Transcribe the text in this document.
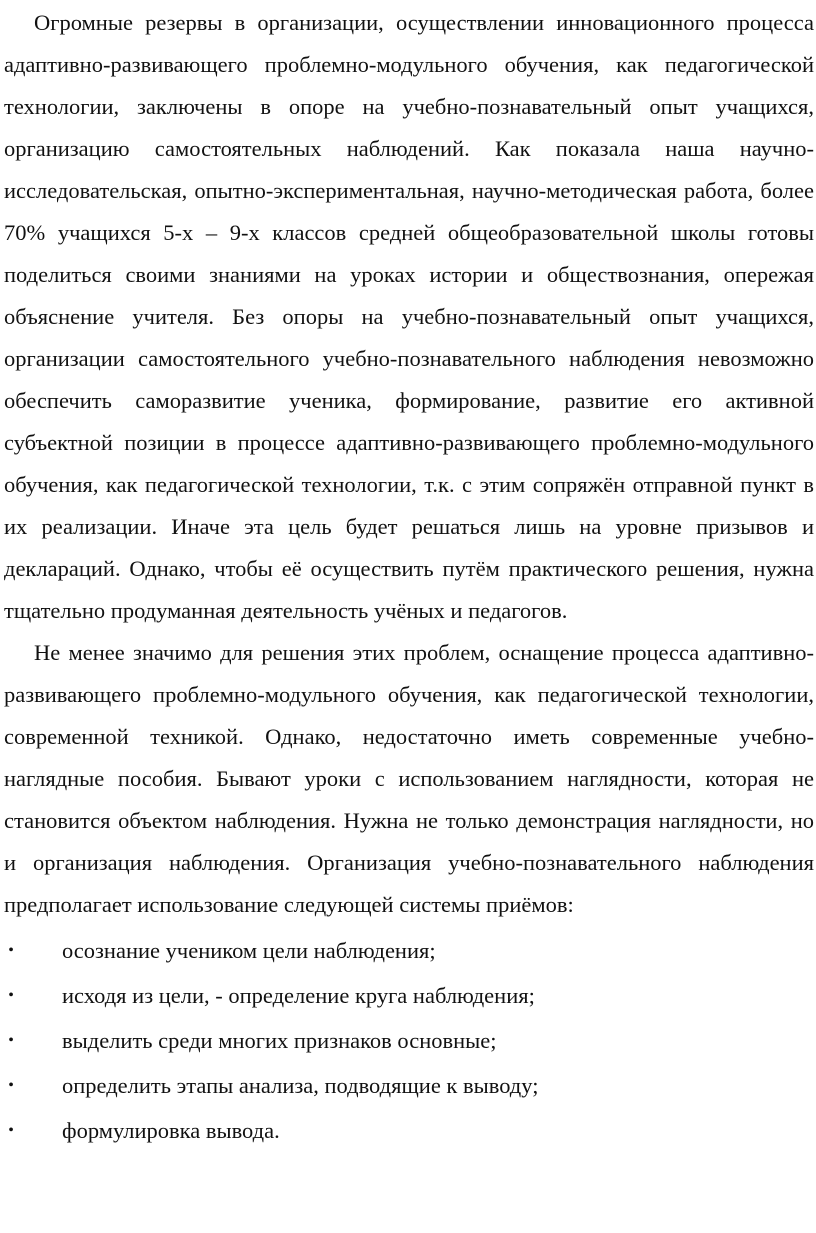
Огромные резервы в организации, осуществлении инновационного процесса адаптивно-развивающего проблемно-модульного обучения, как педагогической технологии, заключены в опоре на учебно-познавательный опыт учащихся, организацию самостоятельных наблюдений. Как показала наша научно-исследовательская, опытно-экспериментальная, научно-методическая работа, более 70% учащихся 5-х – 9-х классов средней общеобразовательной школы готовы поделиться своими знаниями на уроках истории и обществознания, опережая объяснение учителя. Без опоры на учебно-познавательный опыт учащихся, организации самостоятельного учебно-познавательного наблюдения невозможно обеспечить саморазвитие ученика, формирование, развитие его активной субъектной позиции в процессе адаптивно-развивающего проблемно-модульного обучения, как педагогической технологии, т.к. с этим сопряжён отправной пункт в их реализации. Иначе эта цель будет решаться лишь на уровне призывов и деклараций. Однако, чтобы её осуществить путём практического решения, нужна тщательно продуманная деятельность учёных и педагогов.

Не менее значимо для решения этих проблем, оснащение процесса адаптивно-развивающего проблемно-модульного обучения, как педагогической технологии, современной техникой. Однако, недостаточно иметь современные учебно-наглядные пособия. Бывают уроки с использованием наглядности, которая не становится объектом наблюдения. Нужна не только демонстрация наглядности, но и организация наблюдения. Организация учебно-познавательного наблюдения предполагает использование следующей системы приёмов:

• осознание учеником цели наблюдения;
• исходя из цели, - определение круга наблюдения;
• выделить среди многих признаков основные;
• определить этапы анализа, подводящие к выводу;
• формулировка вывода.
